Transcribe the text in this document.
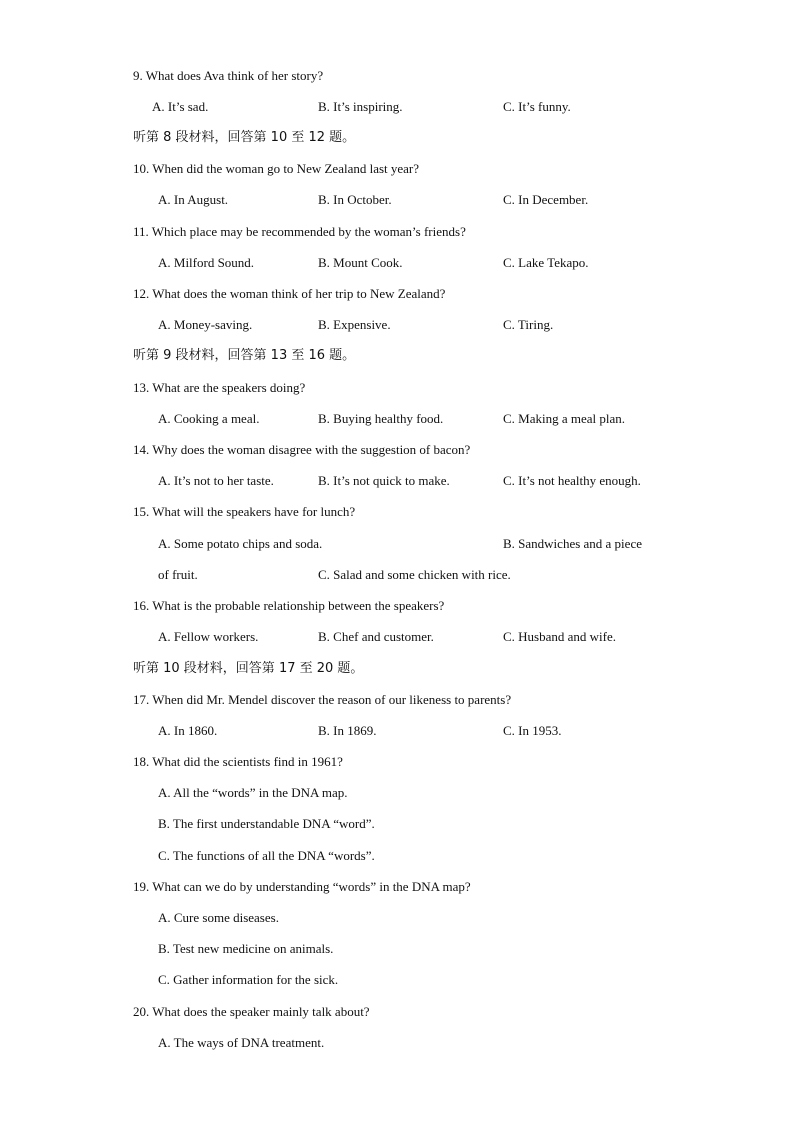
9. What does Ava think of her story?
A. It’s sad.	B. It’s inspiring.	C. It’s funny.
听第 8 段材料，回答第 10 至 12 题。
10. When did the woman go to New Zealand last year?
A. In August.	B. In October.	C. In December.
11. Which place may be recommended by the woman’s friends?
A. Milford Sound.	B. Mount Cook.	C. Lake Tekapo.
12. What does the woman think of her trip to New Zealand?
A. Money-saving.	B. Expensive.	C. Tiring.
听第 9 段材料，回答第 13 至 16 题。
13. What are the speakers doing?
A. Cooking a meal.	B. Buying healthy food.	C. Making a meal plan.
14. Why does the woman disagree with the suggestion of bacon?
A. It’s not to her taste.	B. It’s not quick to make.	C. It’s not healthy enough.
15. What will the speakers have for lunch?
A. Some potato chips and soda.	B. Sandwiches and a piece
of fruit.	C. Salad and some chicken with rice.
16. What is the probable relationship between the speakers?
A. Fellow workers.	B. Chef and customer.	C. Husband and wife.
听第 10 段材料，回答第 17 至 20 题。
17. When did Mr. Mendel discover the reason of our likeness to parents?
A. In 1860.	B. In 1869.	C. In 1953.
18. What did the scientists find in 1961?
A. All the “words” in the DNA map.
B. The first understandable DNA “word”.
C. The functions of all the DNA “words”.
19. What can we do by understanding “words” in the DNA map?
A. Cure some diseases.
B. Test new medicine on animals.
C. Gather information for the sick.
20. What does the speaker mainly talk about?
A. The ways of DNA treatment.
